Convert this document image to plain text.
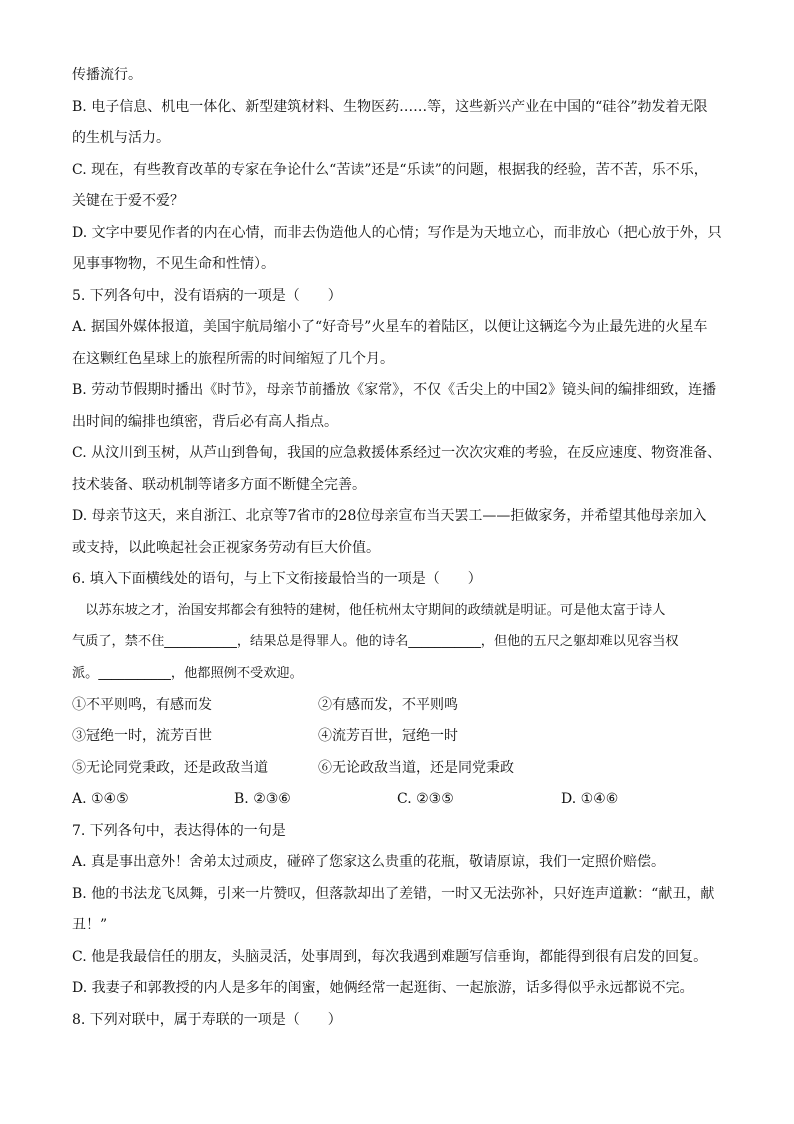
传播流行。
B. 电子信息、机电一体化、新型建筑材料、生物医药……等，这些新兴产业在中国的“硅谷”勃发着无限
的生机与活力。
C. 现在，有些教育改革的专家在争论什么“苦读”还是“乐读”的问题，根据我的经验，苦不苦，乐不乐，
关键在于爱不爱？
D. 文字中要见作者的内在心情，而非去伪造他人的心情；写作是为天地立心，而非放心（把心放于外，只
见事事物物，不见生命和性情）。
5. 下列各句中，没有语病的一项是（　　）
A. 据国外媒体报道，美国宇航局缩小了“好奇号”火星车的着陆区，以便让这辆迄今为止最先进的火星车
在这颗红色星球上的旅程所需的时间缩短了几个月。
B. 劳动节假期时播出《时节》，母亲节前播放《家常》，不仅《舌尖上的中国2》镜头间的编排细致，连播
出时间的编排也缜密，背后必有高人指点。
C. 从汶川到玉树，从芦山到鲁甸，我国的应急救援体系经过一次次灾难的考验，在反应速度、物资准备、
技术装备、联动机制等诸多方面不断健全完善。
D. 母亲节这天，来自浙江、北京等7省市的28位母亲宣布当天罢工——拒做家务，并希望其他母亲加入
或支持，以此唤起社会正视家务劳动有巨大价值。
6. 填入下面横线处的语句，与上下文衔接最恰当的一项是（　　）
　以苏东坡之才，治国安邦都会有独特的建树，他任杭州太守期间的政绩就是明证。可是他太富于诗人
气质了，禁不住___________，结果总是得罪人。他的诗名___________，但他的五尺之躯却难以见容当权
派。___________，他都照例不受欢迎。
①不平则鸣，有感而发	②有感而发，不平则鸣
③冠绝一时，流芳百世	④流芳百世，冠绝一时
⑤无论同党秉政，还是政敌当道	⑥无论政敌当道，还是同党秉政
A. ①④⑤	B. ②③⑥	C. ②③⑤	D. ①④⑥
7. 下列各句中，表达得体的一句是
A. 真是事出意外！舍弟太过顽皮，碰碎了您家这么贵重的花瓶，敬请原谅，我们一定照价赔偿。
B. 他的书法龙飞凤舞，引来一片赞叹，但落款却出了差错，一时又无法弥补，只好连声道歉：“献丑，献
丑！”
C. 他是我最信任的朋友，头脑灵活，处事周到，每次我遇到难题写信垂询，都能得到很有启发的回复。
D. 我妻子和郭教授的内人是多年的闺蜜，她俩经常一起逛街、一起旅游，话多得似乎永远都说不完。
8. 下列对联中，属于寿联的一项是（　　）
